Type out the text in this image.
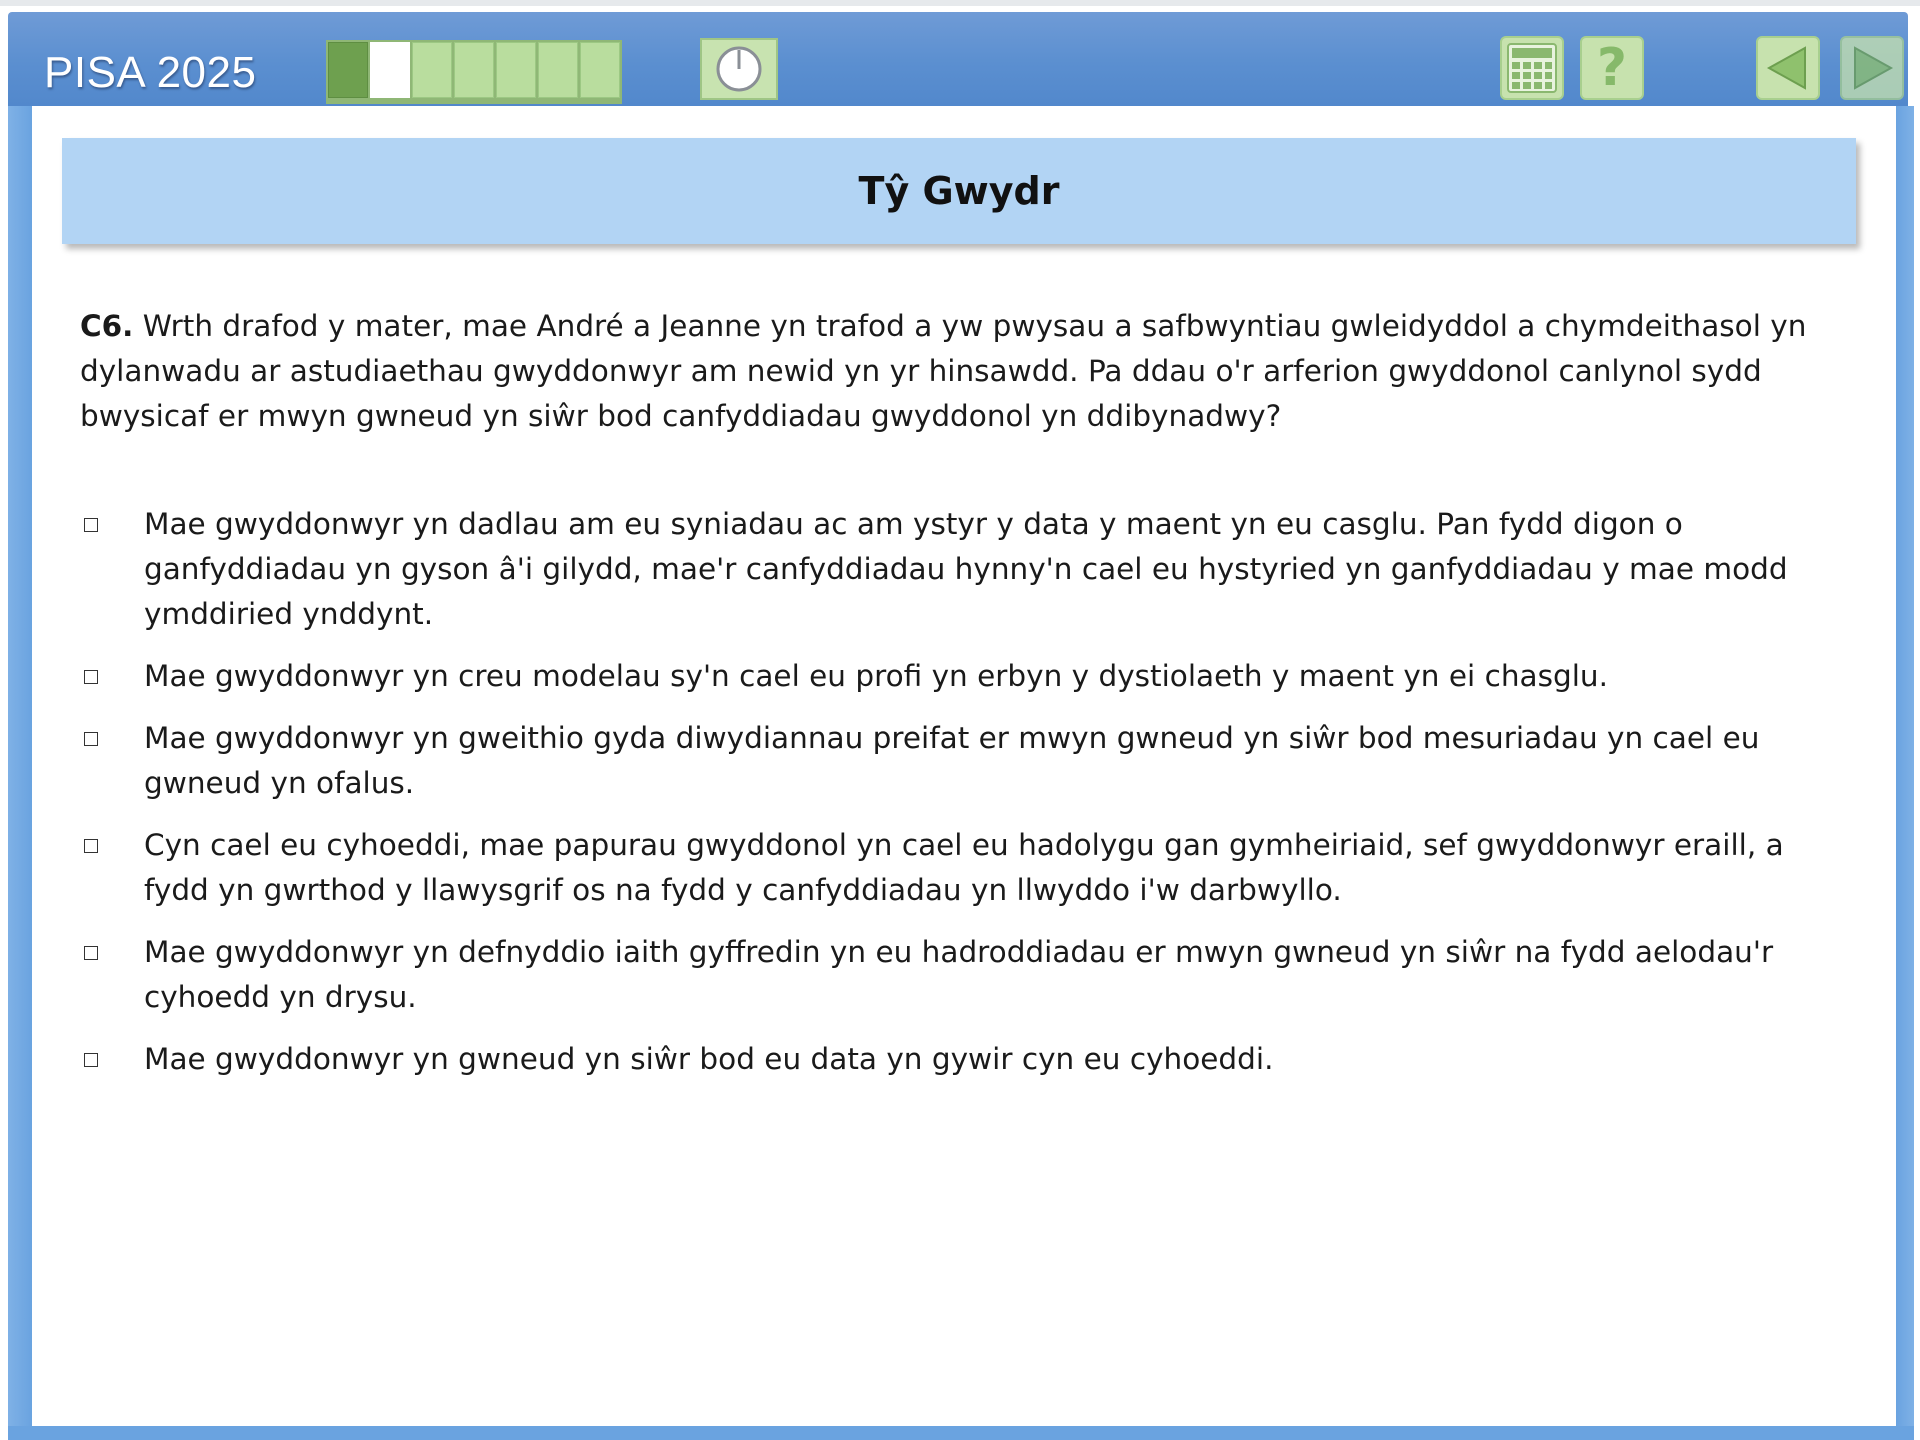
PISA 2025	?
Tŷ Gwydr

C6. Wrth drafod y mater, mae André a Jeanne yn trafod a yw pwysau a safbwyntiau gwleidyddol a chymdeithasol yn dylanwadu ar astudiaethau gwyddonwyr am newid yn yr hinsawdd. Pa ddau o'r arferion gwyddonol canlynol sydd bwysicaf er mwyn gwneud yn siŵr bod canfyddiadau gwyddonol yn ddibynadwy?

Mae gwyddonwyr yn dadlau am eu syniadau ac am ystyr y data y maent yn eu casglu. Pan fydd digon o ganfyddiadau yn gyson â'i gilydd, mae'r canfyddiadau hynny'n cael eu hystyried yn ganfyddiadau y mae modd ymddiried ynddynt.
Mae gwyddonwyr yn creu modelau sy'n cael eu profi yn erbyn y dystiolaeth y maent yn ei chasglu.
Mae gwyddonwyr yn gweithio gyda diwydiannau preifat er mwyn gwneud yn siŵr bod mesuriadau yn cael eu gwneud yn ofalus.
Cyn cael eu cyhoeddi, mae papurau gwyddonol yn cael eu hadolygu gan gymheiriaid, sef gwyddonwyr eraill, a fydd yn gwrthod y llawysgrif os na fydd y canfyddiadau yn llwyddo i'w darbwyllo.
Mae gwyddonwyr yn defnyddio iaith gyffredin yn eu hadroddiadau er mwyn gwneud yn siŵr na fydd aelodau'r cyhoedd yn drysu.
Mae gwyddonwyr yn gwneud yn siŵr bod eu data yn gywir cyn eu cyhoeddi.
